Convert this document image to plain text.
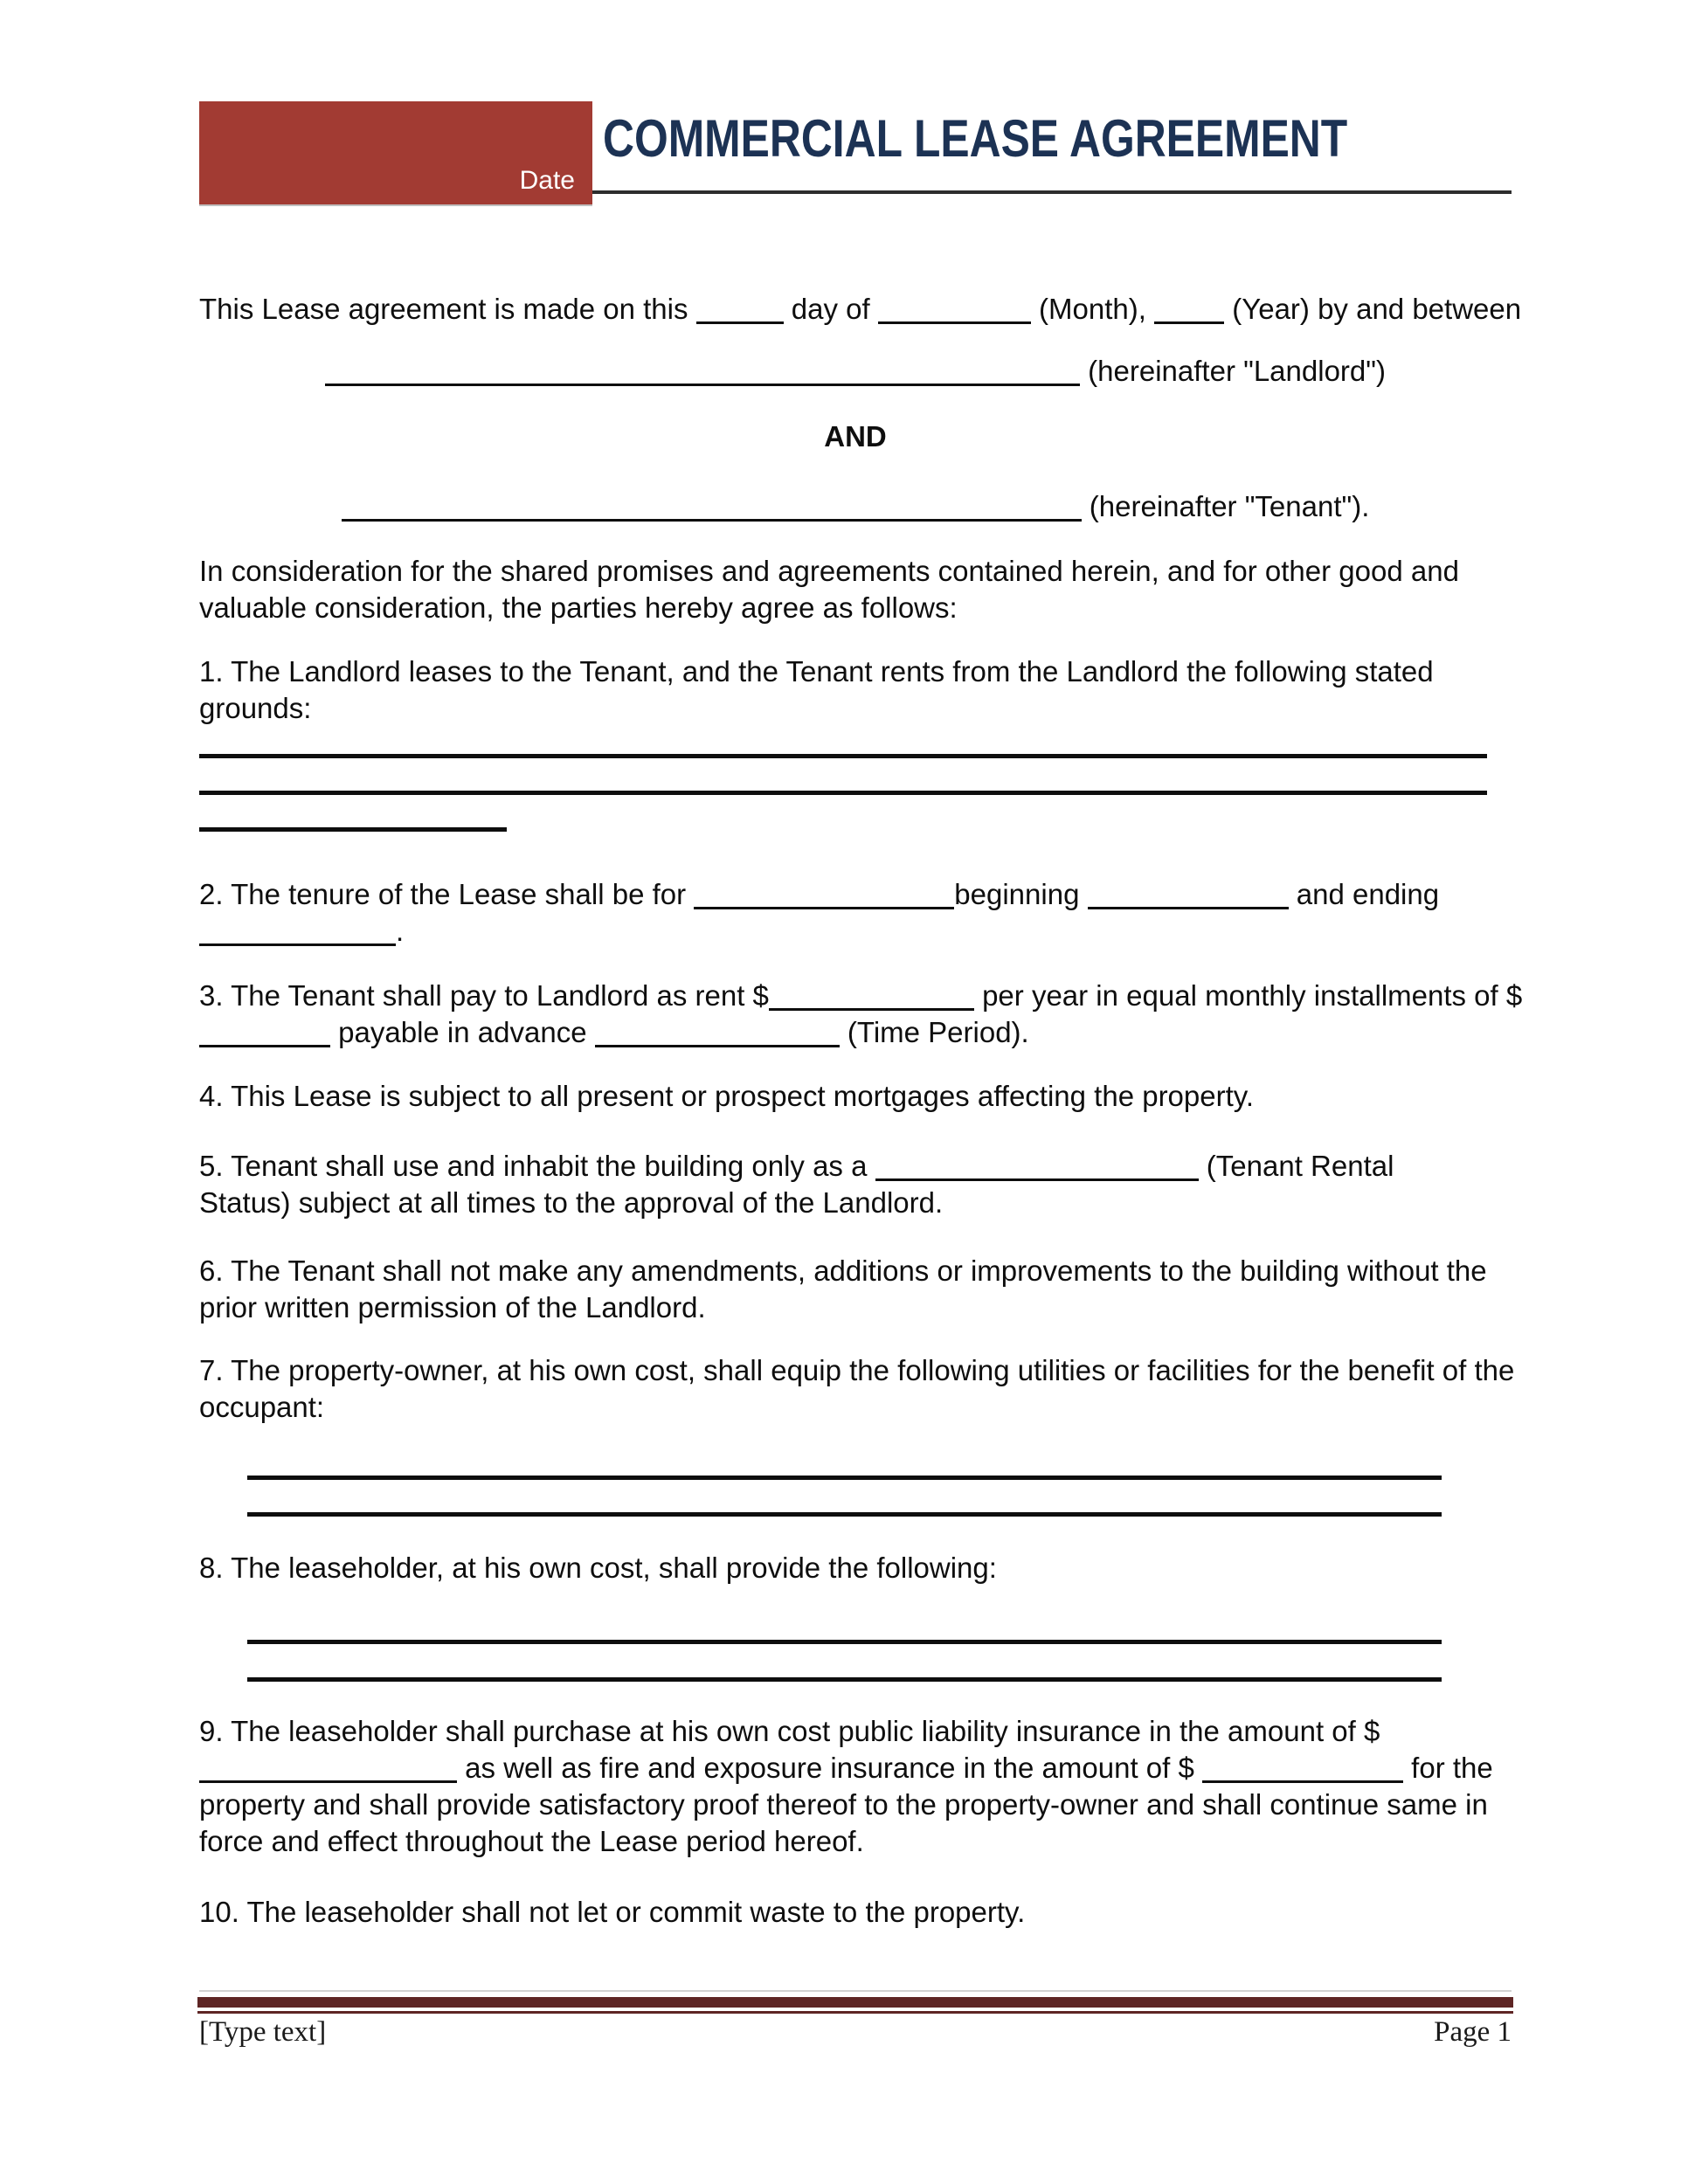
Date
COMMERCIAL LEASE AGREEMENT
This Lease agreement is made on this	day of	(Month),  (Year) by and between
(hereinafter "Landlord")
AND
(hereinafter "Tenant").
In consideration for the shared promises and agreements contained herein, and for other good and
valuable consideration, the parties hereby agree as follows:
1. The Landlord leases to the Tenant, and the Tenant rents from the Landlord the following stated
grounds:
2. The tenure of the Lease shall be for	beginning	and ending
.
3. The Tenant shall pay to Landlord as rent $	per year in equal monthly installments of $
payable in advance	(Time Period).
4. This Lease is subject to all present or prospect mortgages affecting the property.
5. Tenant shall use and inhabit the building only as a	(Tenant Rental
Status) subject at all times to the approval of the Landlord.
6. The Tenant shall not make any amendments, additions or improvements to the building without the
prior written permission of the Landlord.
7. The property-owner, at his own cost, shall equip the following utilities or facilities for the benefit of the
occupant:
8. The leaseholder, at his own cost, shall provide the following:
9. The leaseholder shall purchase at his own cost public liability insurance in the amount of $
as well as fire and exposure insurance in the amount of $	for the
property and shall provide satisfactory proof thereof to the property-owner and shall continue same in
force and effect throughout the Lease period hereof.
10. The leaseholder shall not let or commit waste to the property.
[Type text]	Page 1
